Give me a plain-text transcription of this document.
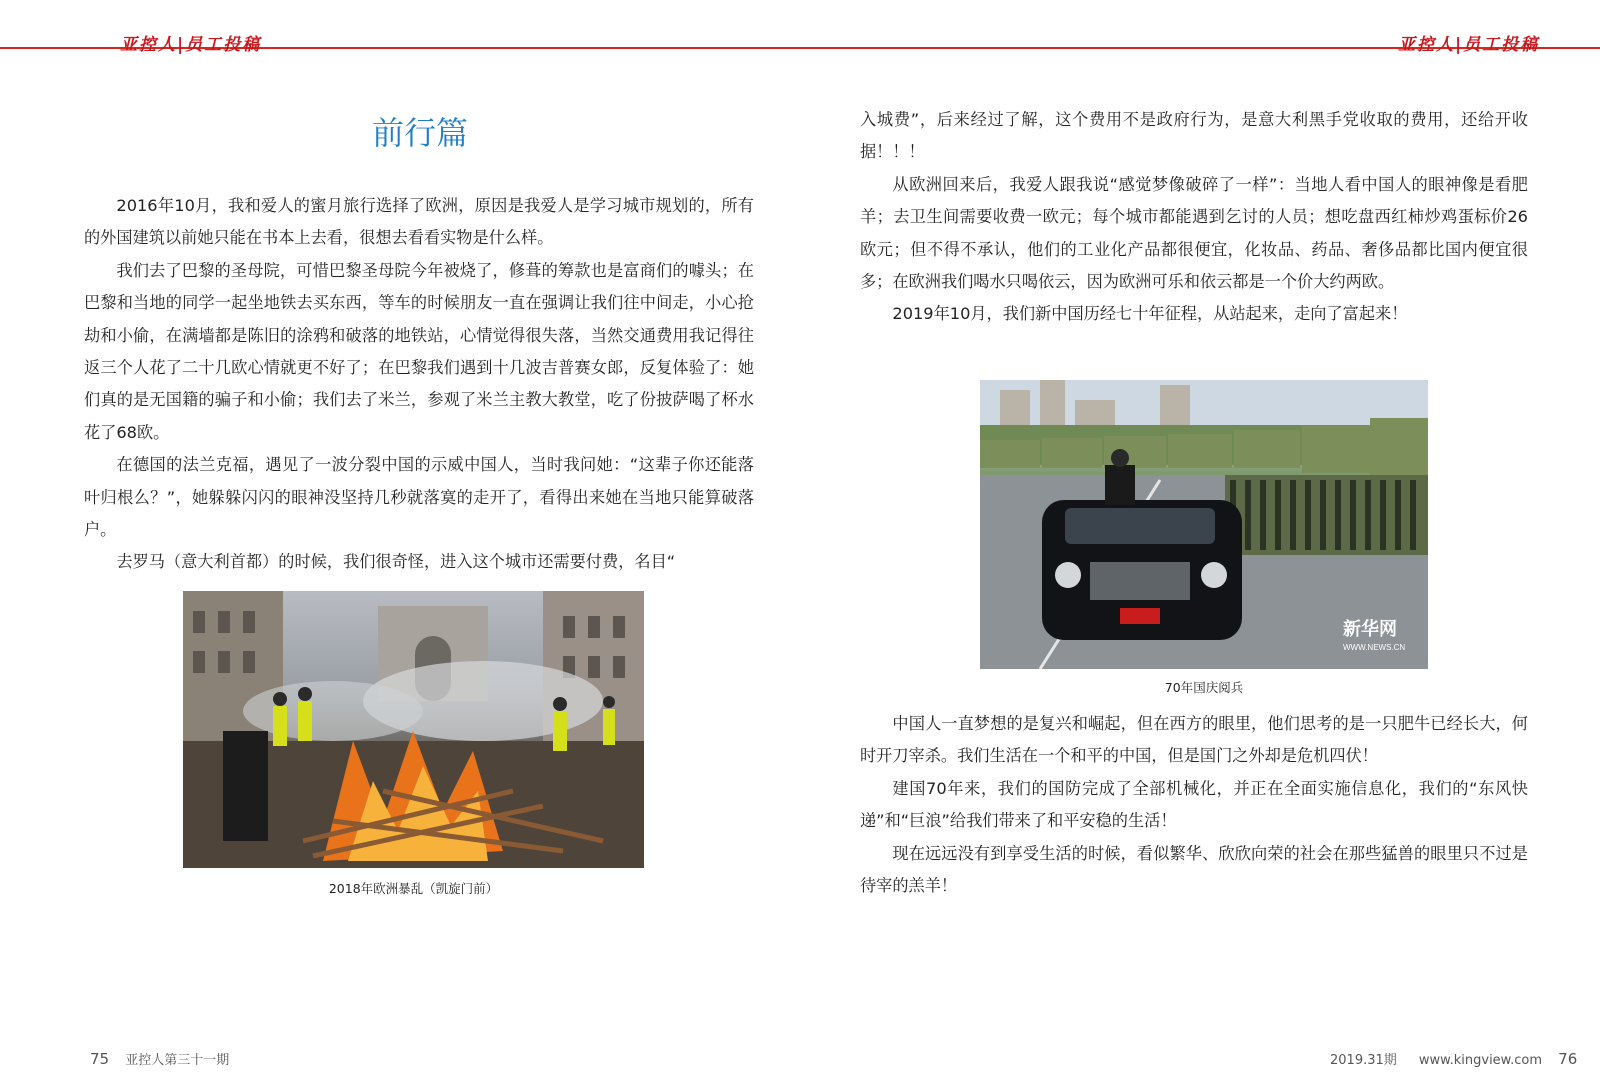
亚控人|员工投稿	亚控人|员工投稿
前行篇

2016年10月，我和爱人的蜜月旅行选择了欧洲，原因是我爱人是学习城市规划的，所有的外国建筑以前她只能在书本上去看，很想去看看实物是什么样。

我们去了巴黎的圣母院，可惜巴黎圣母院今年被烧了，修葺的筹款也是富商们的噱头；在巴黎和当地的同学一起坐地铁去买东西，等车的时候朋友一直在强调让我们往中间走，小心抢劫和小偷，在满墙都是陈旧的涂鸦和破落的地铁站，心情觉得很失落，当然交通费用我记得往返三个人花了二十几欧心情就更不好了；在巴黎我们遇到十几波吉普赛女郎，反复体验了：她们真的是无国籍的骗子和小偷；我们去了米兰，参观了米兰主教大教堂，吃了份披萨喝了杯水花了68欧。

在德国的法兰克福，遇见了一波分裂中国的示威中国人，当时我问她：“这辈子你还能落叶归根么？”，她躲躲闪闪的眼神没坚持几秒就落寞的走开了，看得出来她在当地只能算破落户。

去罗马（意大利首都）的时候，我们很奇怪，进入这个城市还需要付费，名目“

2018年欧洲暴乱（凯旋门前）

入城费”，后来经过了解，这个费用不是政府行为，是意大利黑手党收取的费用，还给开收据！！！

从欧洲回来后，我爱人跟我说“感觉梦像破碎了一样”：当地人看中国人的眼神像是看肥羊；去卫生间需要收费一欧元；每个城市都能遇到乞讨的人员；想吃盘西红柿炒鸡蛋标价26欧元；但不得不承认，他们的工业化产品都很便宜，化妆品、药品、奢侈品都比国内便宜很多；在欧洲我们喝水只喝依云，因为欧洲可乐和依云都是一个价大约两欧。

2019年10月，我们新中国历经七十年征程，从站起来，走向了富起来！

新华网
WWW.NEWS.CN
70年国庆阅兵

中国人一直梦想的是复兴和崛起，但在西方的眼里，他们思考的是一只肥牛已经长大，何时开刀宰杀。我们生活在一个和平的中国，但是国门之外却是危机四伏！

建国70年来，我们的国防完成了全部机械化，并正在全面实施信息化，我们的“东风快递”和“巨浪”给我们带来了和平安稳的生活！

现在远远没有到享受生活的时候，看似繁华、欣欣向荣的社会在那些猛兽的眼里只不过是待宰的羔羊！

75 亚控人第三十一期	2019.31期 www.kingview.com 76
